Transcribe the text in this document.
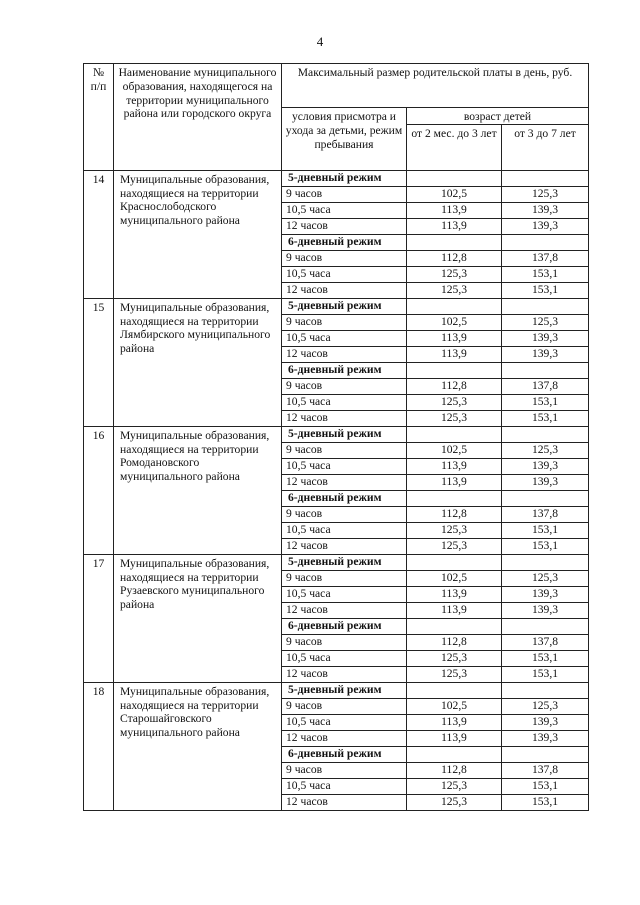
4
№ п/п	Наименование муниципального образования, находящегося на территории муниципального района или городского округа	Максимальный размер родительской платы в день, руб.		
		условия присмотра и ухода за детьми, режим пребывания	возраст детей	
			от 2 мес. до 3 лет	от 3 до 7 лет
14	Муниципальные образования, находящиеся на территории Краснослободского муниципального района	5-дневный режим		
		9 часов	102,5	125,3
		10,5 часа	113,9	139,3
		12 часов	113,9	139,3
		6-дневный режим		
		9 часов	112,8	137,8
		10,5 часа	125,3	153,1
		12 часов	125,3	153,1
15	Муниципальные образования, находящиеся на территории Лямбирского муниципального района	5-дневный режим		
		9 часов	102,5	125,3
		10,5 часа	113,9	139,3
		12 часов	113,9	139,3
		6-дневный режим		
		9 часов	112,8	137,8
		10,5 часа	125,3	153,1
		12 часов	125,3	153,1
16	Муниципальные образования, находящиеся на территории Ромодановского муниципального района	5-дневный режим		
		9 часов	102,5	125,3
		10,5 часа	113,9	139,3
		12 часов	113,9	139,3
		6-дневный режим		
		9 часов	112,8	137,8
		10,5 часа	125,3	153,1
		12 часов	125,3	153,1
17	Муниципальные образования, находящиеся на территории Рузаевского муниципального района	5-дневный режим		
		9 часов	102,5	125,3
		10,5 часа	113,9	139,3
		12 часов	113,9	139,3
		6-дневный режим		
		9 часов	112,8	137,8
		10,5 часа	125,3	153,1
		12 часов	125,3	153,1
18	Муниципальные образования, находящиеся на территории Старошайговского муниципального района	5-дневный режим		
		9 часов	102,5	125,3
		10,5 часа	113,9	139,3
		12 часов	113,9	139,3
		6-дневный режим		
		9 часов	112,8	137,8
		10,5 часа	125,3	153,1
		12 часов	125,3	153,1
